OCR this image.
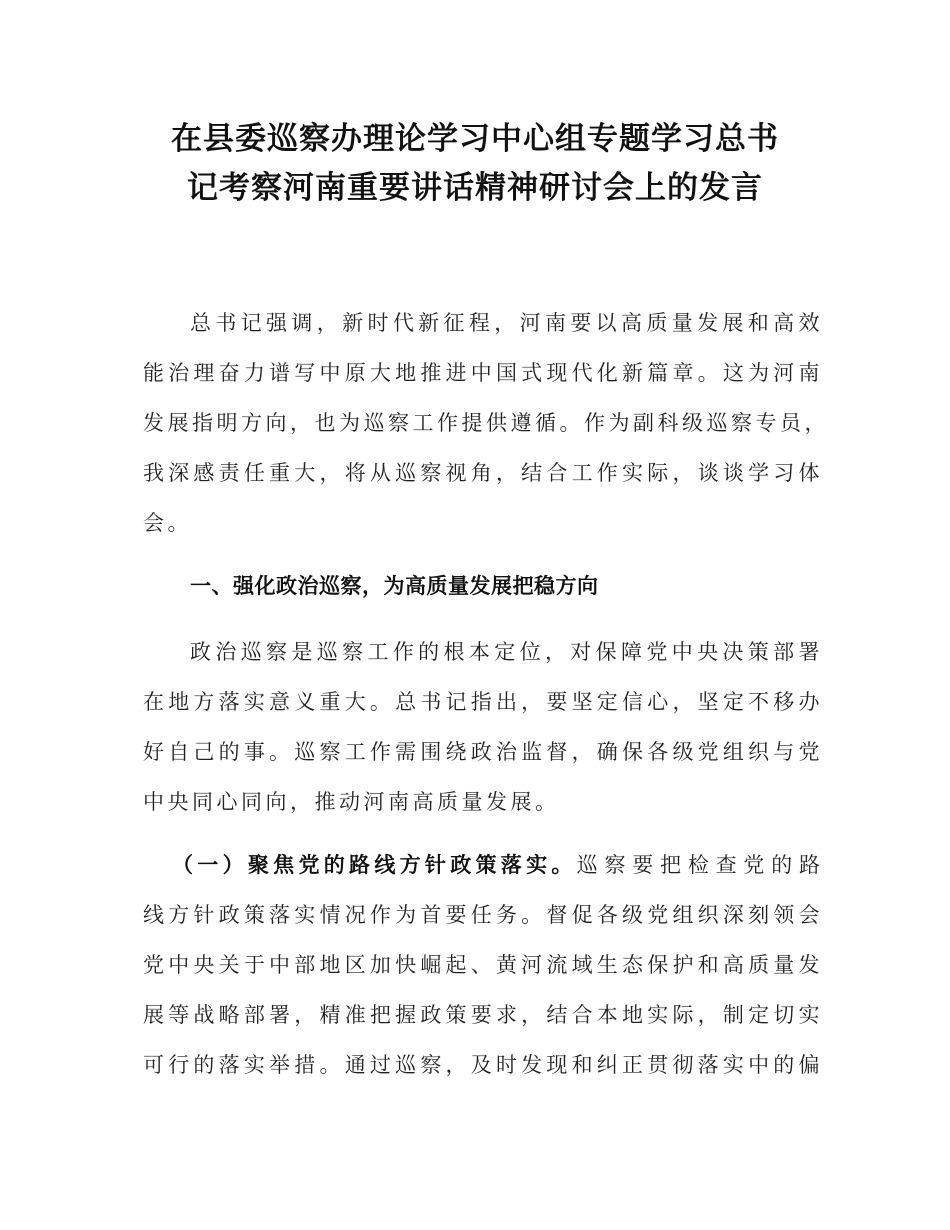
在县委巡察办理论学习中心组专题学习总书
记考察河南重要讲话精神研讨会上的发言
总书记强调，新时代新征程，河南要以高质量发展和高效
能治理奋力谱写中原大地推进中国式现代化新篇章。这为河南
发展指明方向，也为巡察工作提供遵循。作为副科级巡察专员，
我深感责任重大，将从巡察视角，结合工作实际，谈谈学习体
会。
一、强化政治巡察，为高质量发展把稳方向
政治巡察是巡察工作的根本定位，对保障党中央决策部署
在地方落实意义重大。总书记指出，要坚定信心，坚定不移办
好自己的事。巡察工作需围绕政治监督，确保各级党组织与党
中央同心同向，推动河南高质量发展。
（一）聚焦党的路线方针政策落实。巡察要把检查党的路
线方针政策落实情况作为首要任务。督促各级党组织深刻领会
党中央关于中部地区加快崛起、黄河流域生态保护和高质量发
展等战略部署，精准把握政策要求，结合本地实际，制定切实
可行的落实举措。通过巡察，及时发现和纠正贯彻落实中的偏
